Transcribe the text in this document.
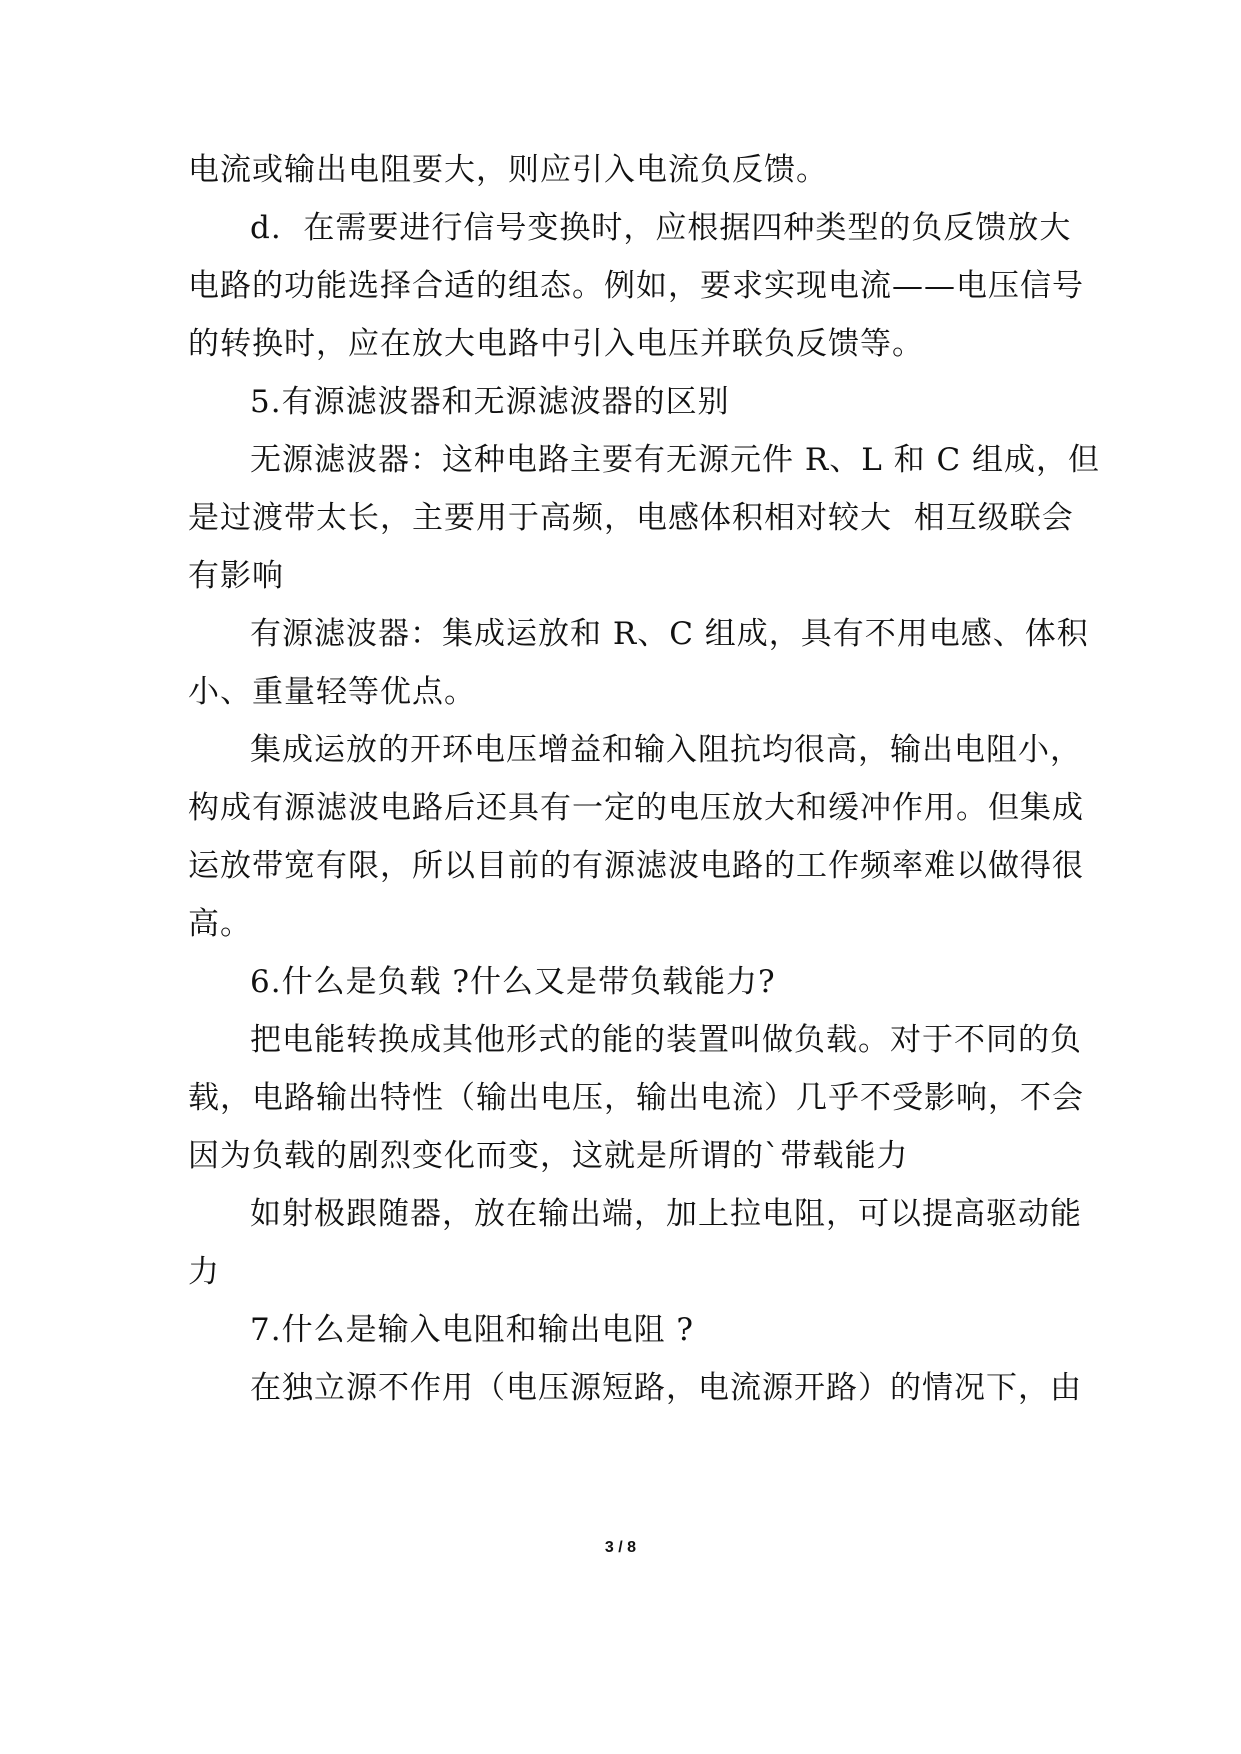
电流或输出电阻要大，则应引入电流负反馈。
d.  在需要进行信号变换时，应根据四种类型的负反馈放大
电路的功能选择合适的组态。例如，要求实现电流——电压信号
的转换时，应在放大电路中引入电压并联负反馈等。
5.有源滤波器和无源滤波器的区别
无源滤波器：这种电路主要有无源元件 R、L 和 C 组成，但
是过渡带太长，主要用于高频，电感体积相对较大  相互级联会
有影响
有源滤波器：集成运放和 R、C 组成，具有不用电感、体积
小、重量轻等优点。
集成运放的开环电压增益和输入阻抗均很高，输出电阻小，
构成有源滤波电路后还具有一定的电压放大和缓冲作用。但集成
运放带宽有限，所以目前的有源滤波电路的工作频率难以做得很
高。
6.什么是负载 ?什么又是带负载能力?
把电能转换成其他形式的能的装置叫做负载。对于不同的负
载，电路输出特性（输出电压，输出电流）几乎不受影响，不会
因为负载的剧烈变化而变，这就是所谓的`带载能力
如射极跟随器，放在输出端，加上拉电阻，可以提高驱动能
力
7.什么是输入电阻和输出电阻 ?
在独立源不作用（电压源短路，电流源开路）的情况下，由
3 / 8
